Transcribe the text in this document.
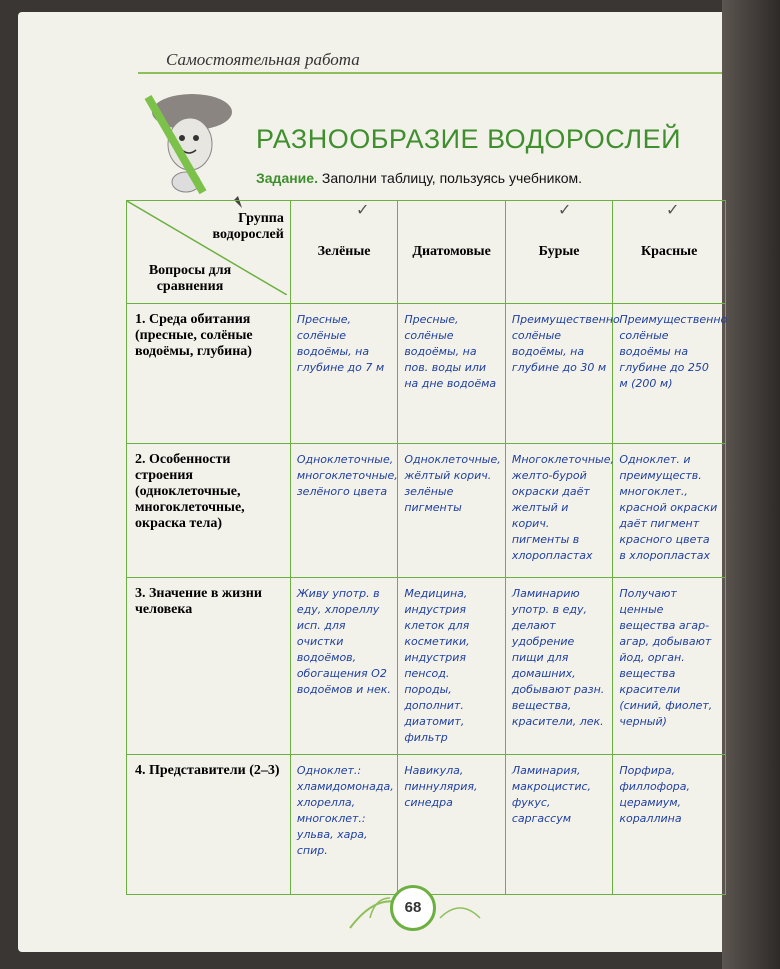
Самостоятельная работа
РАЗНООБРАЗИЕ ВОДОРОСЛЕЙ
Задание. Заполни таблицу, пользуясь учебником.
✓	✓	✓
Группа водорослей
Вопросы для сравнения	Зелёные	Диатомовые	Бурые	Красные
1. Среда обитания (пресные, солёные водоёмы, глубина)	Пресные, солёные водоёмы, на глубине до 7 м	Пресные, солёные водоёмы, на пов. воды или на дне водоёма	Преимущественно солёные водоёмы, на глубине до 30 м	Преимущественно солёные водоёмы на глубине до 250 м (200 м)
2. Особенности строения (одноклеточные, многоклеточные, окраска тела)	Одноклеточные, многоклеточные, зелёного цвета	Одноклеточные, жёлтый корич. зелёные пигменты	Многоклеточные, желто-бурой окраски даёт желтый и корич. пигменты в хлоропластах	Одноклет. и преимуществ. многоклет., красной окраски даёт пигмент красного цвета в хлоропластах
3. Значение в жизни человека	Живу употр. в еду, хлореллу исп. для очистки водоёмов, обогащения O2 водоёмов и нек.	Медицина, индустрия клеток для косметики, индустрия пенсод. породы, дополнит. диатомит, фильтр	Ламинарию употр. в еду, делают удобрение пищи для домашних, добывают разн. вещества, красители, лек.	Получают ценные вещества агар-агар, добывают йод, орган. вещества красители (синий, фиолет, черный)
4. Представители (2–3)	Одноклет.: хламидомонада, хлорелла, многоклет.: ульва, хара, спир.	Навикула, пиннулярия, синедра	Ламинария, макроцистис, фукус, саргассум	Порфира, филлофора, церамиум, кораллина
68
